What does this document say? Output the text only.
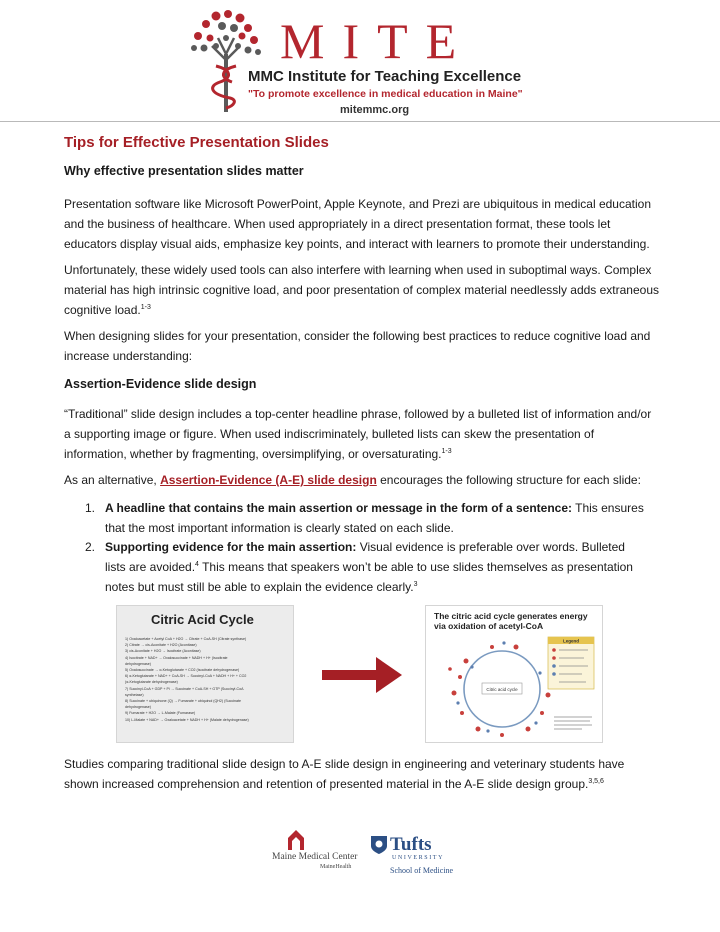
MITE
MMC Institute for Teaching Excellence
"To promote excellence in medical education in Maine"
mitemmc.org
Tips for Effective Presentation Slides
Why effective presentation slides matter

Presentation software like Microsoft PowerPoint, Apple Keynote, and Prezi are ubiquitous in medical education and the business of healthcare. When used appropriately in a direct presentation format, these tools let educators display visual aids, emphasize key points, and interact with learners to promote their understanding.

Unfortunately, these widely used tools can also interfere with learning when used in suboptimal ways. Complex material has high intrinsic cognitive load, and poor presentation of complex material needlessly adds extraneous cognitive load.$^{1-3}$

When designing slides for your presentation, consider the following best practices to reduce cognitive load and increase understanding:

Assertion-Evidence slide design

“Traditional” slide design includes a top-center headline phrase, followed by a bulleted list of information and/or a supporting image or figure. When used indiscriminately, bulleted lists can skew the presentation of information, whether by fragmenting, oversimplifying, or oversaturating.$^{1-3}$

As an alternative, Assertion-Evidence (A-E) slide design encourages the following structure for each slide:

1. A headline that contains the main assertion or message in the form of a sentence: This ensures that the most important information is clearly stated on each slide.
2. Supporting evidence for the main assertion: Visual evidence is preferable over words. Bulleted lists are avoided.$^4$ This means that speakers won’t be able to use slides themselves as presentation notes but must still be able to explain the evidence clearly.$^3$

Studies comparing traditional slide design to A-E slide design in engineering and veterinary students have shown increased comprehension and retention of presented material in the A-E slide design group.$^{3,5,6}$

Citric Acid Cycle
1) Oxaloacetate + Acetyl CoA + H2O → Citrate + CoA-SH (Citrate synthase)
2) Citrate → cis-Aconitate + H2O (Aconitase)
3) cis-Aconitate + H2O → Isocitrate (Aconitase)
4) Isocitrate + NAD+ → Oxalosuccinate + NADH + H+ (Isocitrate
dehydrogenase)
5) Oxalosuccinate → α-Ketoglutarate + CO2 (Isocitrate dehydrogenase)
6) α-Ketoglutarate + NAD+ + CoA-SH → Succinyl-CoA + NADH + H+ + CO2
(α-Ketoglutarate dehydrogenase)
7) Succinyl-CoA + GDP + Pi → Succinate + CoA-SH + GTP (Succinyl-CoA
synthetase)
8) Succinate + ubiquinone (Q) → Fumarate + ubiquinol (QH2) (Succinate
dehydrogenase)
9) Fumarate + H2O → L-Malate (Fumarase)
10) L-Malate + NAD+ → Oxaloacetate + NADH + H+ (Malate dehydrogenase)
The citric acid cycle generates energy via oxidation of acetyl-CoA
Citric acid cycle
Legend
Maine Medical Center
MaineHealth
Tufts
UNIVERSITY
School of Medicine
